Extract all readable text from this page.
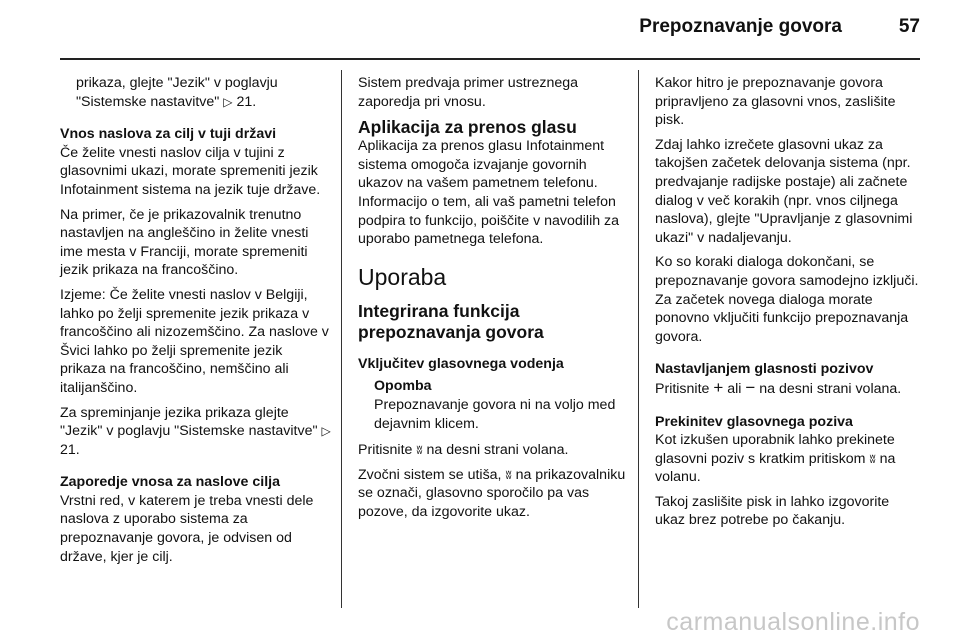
Prepoznavanje govora	57

prikaza, glejte "Jezik" v poglavju "Sistemske nastavitve" ▷ 21.

Vnos naslova za cilj v tuji državi

Če želite vnesti naslov cilja v tujini z glasovnimi ukazi, morate spremeniti jezik Infotainment sistema na jezik tuje države.

Na primer, če je prikazovalnik trenutno nastavljen na angleščino in želite vnesti ime mesta v Franciji, morate spremeniti jezik prikaza na francoščino.

Izjeme: Če želite vnesti naslov v Belgiji, lahko po želji spremenite jezik prikaza v francoščino ali nizozemščino. Za naslove v Švici lahko po želji spremenite jezik prikaza na francoščino, nemščino ali italijanščino.

Za spreminjanje jezika prikaza glejte "Jezik" v poglavju "Sistemske nastavitve" ▷ 21.

Zaporedje vnosa za naslove cilja

Vrstni red, v katerem je treba vnesti dele naslova z uporabo sistema za prepoznavanje govora, je odvisen od države, kjer je cilj.

Sistem predvaja primer ustreznega zaporedja pri vnosu.

Aplikacija za prenos glasu

Aplikacija za prenos glasu Infotainment sistema omogoča izvajanje govornih ukazov na vašem pametnem telefonu. Informacijo o tem, ali vaš pametni telefon podpira to funkcijo, poiščite v navodilih za uporabo pametnega telefona.

Uporaba
Integrirana funkcija prepoznavanja govora

Vključitev glasovnega vodenja

Opomba
Prepoznavanje govora ni na voljo med dejavnim klicem.

Pritisnite ʬ na desni strani volana.

Zvočni sistem se utiša, ʬ na prikazovalniku se označi, glasovno sporočilo pa vas pozove, da izgovorite ukaz.

Kakor hitro je prepoznavanje govora pripravljeno za glasovni vnos, zaslišite pisk.

Zdaj lahko izrečete glasovni ukaz za takojšen začetek delovanja sistema (npr. predvajanje radijske postaje) ali začnete dialog v več korakih (npr. vnos ciljnega naslova), glejte "Upravljanje z glasovnimi ukazi" v nadaljevanju.

Ko so koraki dialoga dokončani, se prepoznavanje govora samodejno izključi. Za začetek novega dialoga morate ponovno vključiti funkcijo prepoznavanja govora.

Nastavljanjem glasnosti pozivov

Pritisnite + ali − na desni strani volana.

Prekinitev glasovnega poziva

Kot izkušen uporabnik lahko prekinete glasovni poziv s kratkim pritiskom ʬ na volanu.

Takoj zaslišite pisk in lahko izgovorite ukaz brez potrebe po čakanju.

carmanualsonline.info
